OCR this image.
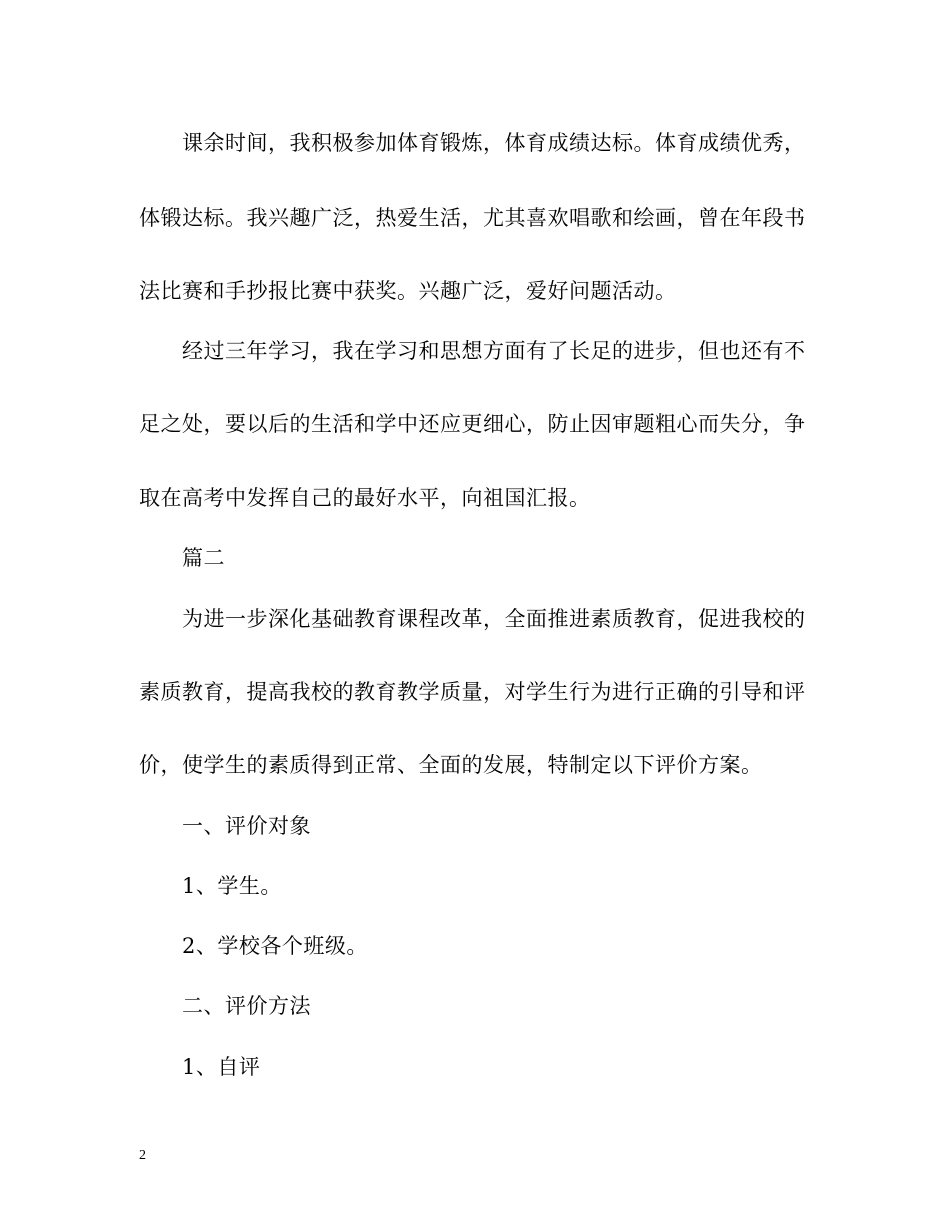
课余时间，我积极参加体育锻炼，体育成绩达标。体育成绩优秀，
体锻达标。我兴趣广泛，热爱生活，尤其喜欢唱歌和绘画，曾在年段书
法比赛和手抄报比赛中获奖。兴趣广泛，爱好问题活动。
经过三年学习，我在学习和思想方面有了长足的进步，但也还有不
足之处，要以后的生活和学中还应更细心，防止因审题粗心而失分，争
取在高考中发挥自己的最好水平，向祖国汇报。
篇二
为进一步深化基础教育课程改革，全面推进素质教育，促进我校的
素质教育，提高我校的教育教学质量，对学生行为进行正确的引导和评
价，使学生的素质得到正常、全面的发展，特制定以下评价方案。
一、评价对象
1、学生。
2、学校各个班级。
二、评价方法
1、自评
2
